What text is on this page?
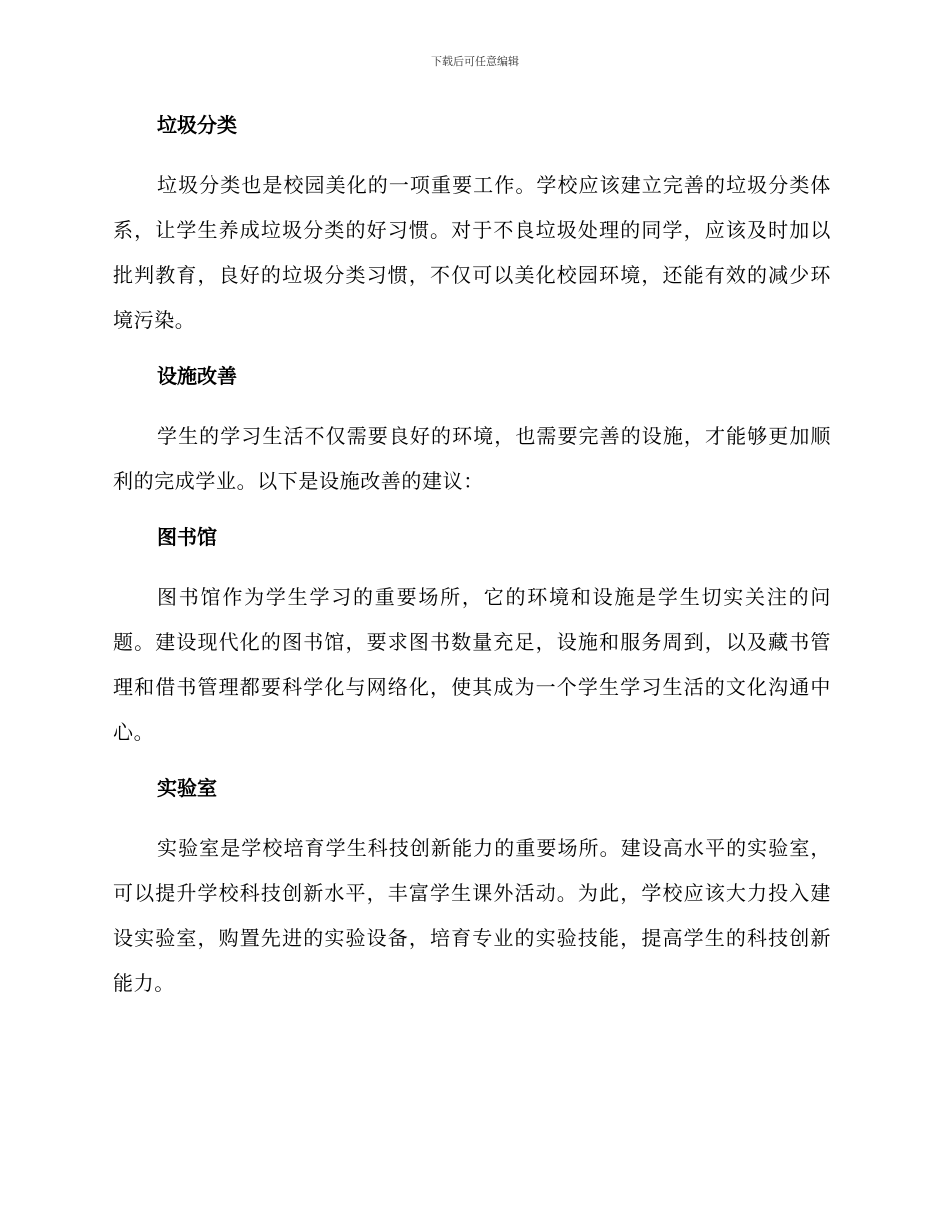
下载后可任意编辑
垃圾分类

垃圾分类也是校园美化的一项重要工作。学校应该建立完善的垃圾分类体系，让学生养成垃圾分类的好习惯。对于不良垃圾处理的同学，应该及时加以批判教育，良好的垃圾分类习惯，不仅可以美化校园环境，还能有效的减少环境污染。

设施改善

学生的学习生活不仅需要良好的环境，也需要完善的设施，才能够更加顺利的完成学业。以下是设施改善的建议：

图书馆

图书馆作为学生学习的重要场所，它的环境和设施是学生切实关注的问题。建设现代化的图书馆，要求图书数量充足，设施和服务周到，以及藏书管理和借书管理都要科学化与网络化，使其成为一个学生学习生活的文化沟通中心。

实验室

实验室是学校培育学生科技创新能力的重要场所。建设高水平的实验室，可以提升学校科技创新水平，丰富学生课外活动。为此，学校应该大力投入建设实验室，购置先进的实验设备，培育专业的实验技能，提高学生的科技创新能力。
